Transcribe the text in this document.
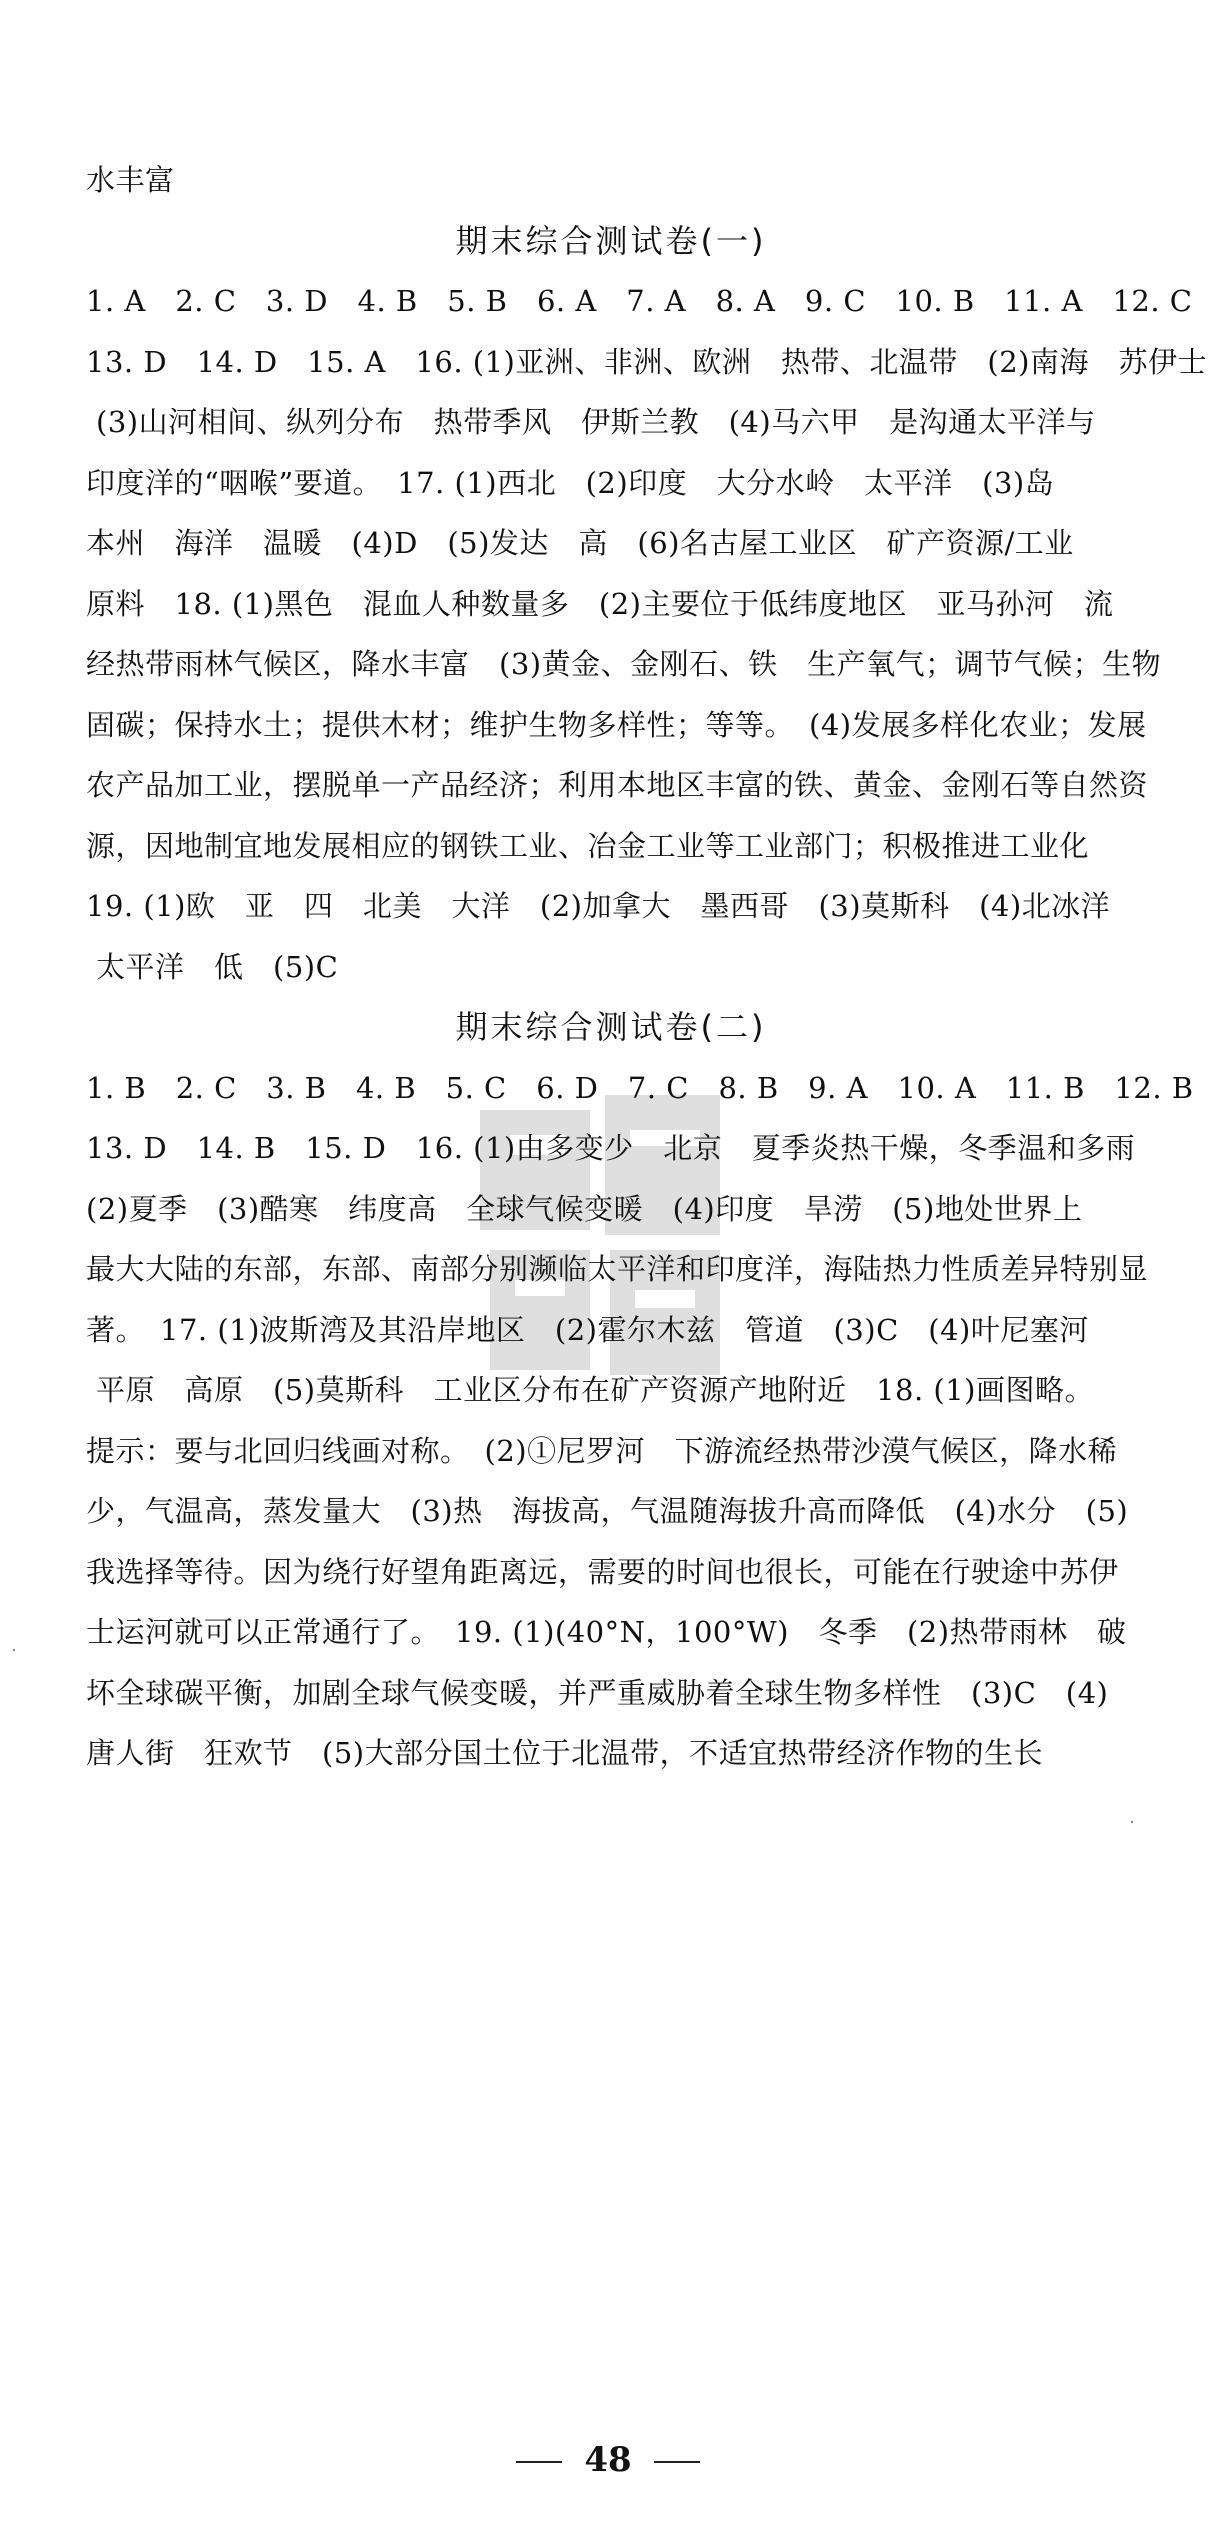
水丰富
期末综合测试卷(一)
1. A　2. C　3. D　4. B　5. B　6. A　7. A　8. A　9. C　10. B　11. A　12. C
13. D　14. D　15. A　16. (1)亚洲、非洲、欧洲　热带、北温带　(2)南海　苏伊士
(3)山河相间、纵列分布　热带季风　伊斯兰教　(4)马六甲　是沟通太平洋与
印度洋的“咽喉”要道。　17. (1)西北　(2)印度　大分水岭　太平洋　(3)岛
本州　海洋　温暖　(4)D　(5)发达　高　(6)名古屋工业区　矿产资源/工业
原料　18. (1)黑色　混血人种数量多　(2)主要位于低纬度地区　亚马孙河　流
经热带雨林气候区，降水丰富　(3)黄金、金刚石、铁　生产氧气；调节气候；生物
固碳；保持水土；提供木材；维护生物多样性；等等。　(4)发展多样化农业；发展
农产品加工业，摆脱单一产品经济；利用本地区丰富的铁、黄金、金刚石等自然资
源，因地制宜地发展相应的钢铁工业、冶金工业等工业部门；积极推进工业化
19. (1)欧　亚　四　北美　大洋　(2)加拿大　墨西哥　(3)莫斯科　(4)北冰洋
太平洋　低　(5)C
期末综合测试卷(二)
1. B　2. C　3. B　4. B　5. C　6. D　7. C　8. B　9. A　10. A　11. B　12. B
13. D　14. B　15. D　16. (1)由多变少　北京　夏季炎热干燥，冬季温和多雨
(2)夏季　(3)酷寒　纬度高　全球气候变暖　(4)印度　旱涝　(5)地处世界上
最大大陆的东部，东部、南部分别濒临太平洋和印度洋，海陆热力性质差异特别显
著。　17. (1)波斯湾及其沿岸地区　(2)霍尔木兹　管道　(3)C　(4)叶尼塞河
平原　高原　(5)莫斯科　工业区分布在矿产资源产地附近　18. (1)画图略。
提示：要与北回归线画对称。　(2)①尼罗河　下游流经热带沙漠气候区，降水稀
少，气温高，蒸发量大　(3)热　海拔高，气温随海拔升高而降低　(4)水分　(5)
我选择等待。因为绕行好望角距离远，需要的时间也很长，可能在行驶途中苏伊
士运河就可以正常通行了。　19. (1)(40°N，100°W)　冬季　(2)热带雨林　破
坏全球碳平衡，加剧全球气候变暖，并严重威胁着全球生物多样性　(3)C　(4)
唐人街　狂欢节　(5)大部分国土位于北温带，不适宜热带经济作物的生长
48
